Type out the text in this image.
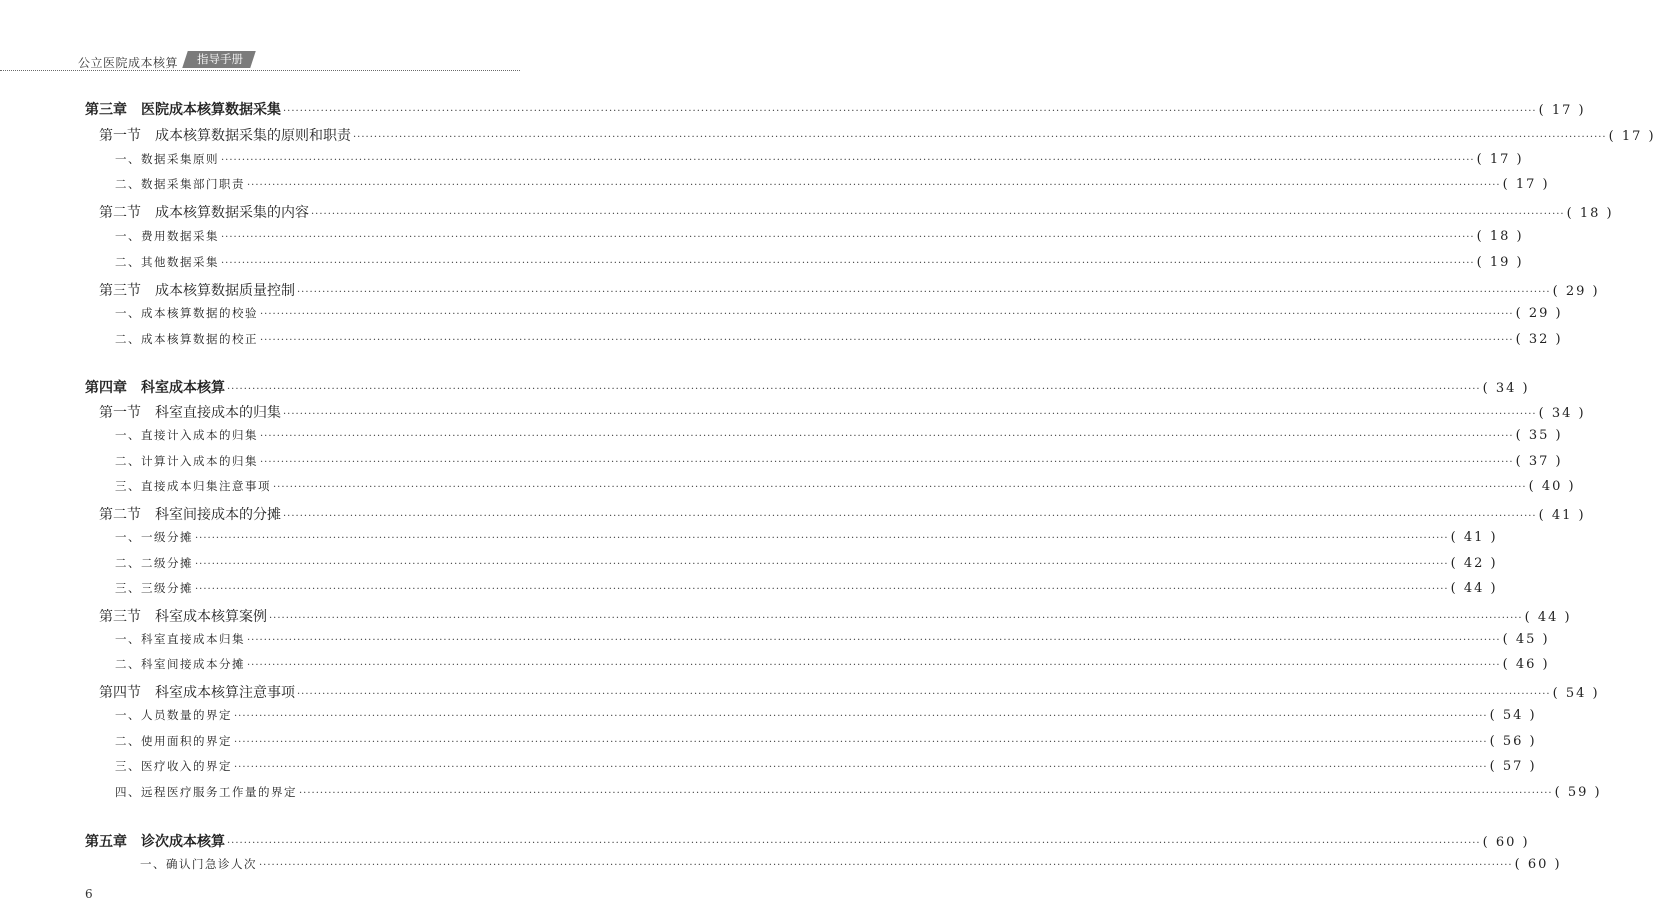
公立医院成本核算	指导手册
第三章　医院成本核算数据采集 ············································································································································································································································································································ ( 17 )
第一节　成本核算数据采集的原则和职责 ············································································································································································································································································································ ( 17 )
一、数据采集原则 ············································································································································································································································································································ ( 17 )
二、数据采集部门职责 ············································································································································································································································································································ ( 17 )
第二节　成本核算数据采集的内容 ············································································································································································································································································································ ( 18 )
一、费用数据采集 ············································································································································································································································································································ ( 18 )
二、其他数据采集 ············································································································································································································································································································ ( 19 )
第三节　成本核算数据质量控制 ············································································································································································································································································································ ( 29 )
一、成本核算数据的校验 ············································································································································································································································································································ ( 29 )
二、成本核算数据的校正 ············································································································································································································································································································ ( 32 )
第四章　科室成本核算 ············································································································································································································································································································ ( 34 )
第一节　科室直接成本的归集 ············································································································································································································································································································ ( 34 )
一、直接计入成本的归集 ············································································································································································································································································································ ( 35 )
二、计算计入成本的归集 ············································································································································································································································································································ ( 37 )
三、直接成本归集注意事项 ············································································································································································································································································································ ( 40 )
第二节　科室间接成本的分摊 ············································································································································································································································································································ ( 41 )
一、一级分摊 ············································································································································································································································································································ ( 41 )
二、二级分摊 ············································································································································································································································································································ ( 42 )
三、三级分摊 ············································································································································································································································································································ ( 44 )
第三节　科室成本核算案例 ············································································································································································································································································································ ( 44 )
一、科室直接成本归集 ············································································································································································································································································································ ( 45 )
二、科室间接成本分摊 ············································································································································································································································································································ ( 46 )
第四节　科室成本核算注意事项 ············································································································································································································································································································ ( 54 )
一、人员数量的界定 ············································································································································································································································································································ ( 54 )
二、使用面积的界定 ············································································································································································································································································································ ( 56 )
三、医疗收入的界定 ············································································································································································································································································································ ( 57 )
四、远程医疗服务工作量的界定 ············································································································································································································································································································ ( 59 )
第五章　诊次成本核算 ············································································································································································································································································································ ( 60 )
一、确认门急诊人次 ············································································································································································································································································································ ( 60 )
6
